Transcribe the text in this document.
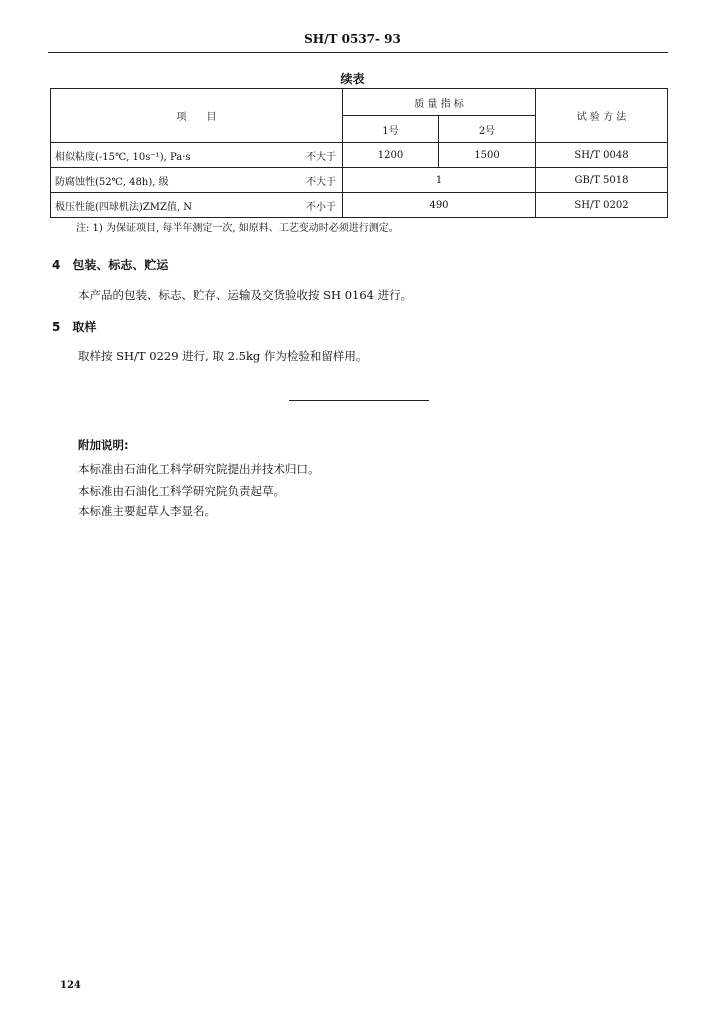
SH/T 0537- 93
续表
项　　目		质 量 指 标		试 验 方 法
		1号	2号	
相似粘度(-15℃, 10s⁻¹), Pa·s	不大于	1200	1500	SH/T 0048
防腐蚀性(52℃, 48h), 级	不大于	1		GB/T 5018
极压性能(四球机法)ZMZ值, N	不小于	490		SH/T 0202
注: 1) 为保证项目, 每半年测定一次, 如原料、工艺变动时必须进行测定。
4　包装、标志、贮运
本产品的包装、标志、贮存、运输及交货验收按 SH 0164 进行。
5　取样
取样按 SH/T 0229 进行, 取 2.5kg 作为检验和留样用。
附加说明:
本标准由石油化工科学研究院提出并技术归口。
本标准由石油化工科学研究院负责起草。
本标准主要起草人李显名。
124
